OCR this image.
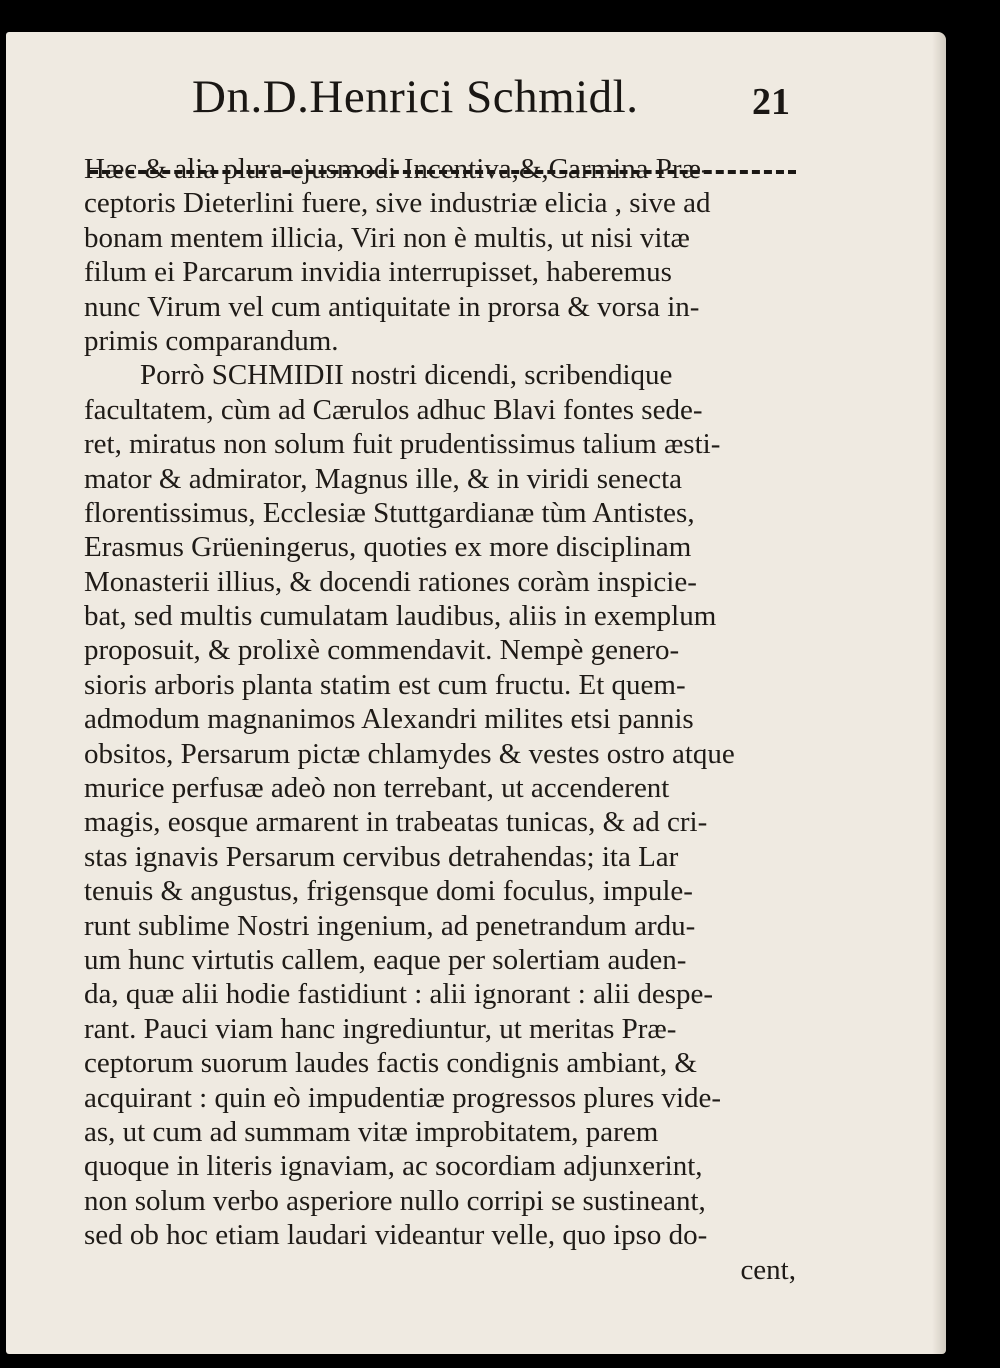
Dn.D.Henrici Schmidl.	21
Hæc & alia plura ejusmodi Incentiva,&,Carmina Præ-
ceptoris Dieterlini fuere, sive industriæ elicia , sive ad
bonam mentem illicia, Viri non è multis, ut nisi vitæ
filum ei Parcarum invidia interrupisset, haberemus
nunc Virum vel cum antiquitate in prorsa & vorsa in-
primis comparandum.
Porrò SCHMIDII nostri dicendi, scribendique
facultatem, cùm ad Cærulos adhuc Blavi fontes sede-
ret, miratus non solum fuit prudentissimus talium æsti-
mator & admirator, Magnus ille, & in viridi senecta
florentissimus, Ecclesiæ Stuttgardianæ tùm Antistes,
Erasmus Grüeningerus, quoties ex more disciplinam
Monasterii illius, & docendi rationes coràm inspicie-
bat, sed multis cumulatam laudibus, aliis in exemplum
proposuit, & prolixè commendavit. Nempè genero-
sioris arboris planta statim est cum fructu. Et quem-
admodum magnanimos Alexandri milites etsi pannis
obsitos, Persarum pictæ chlamydes & vestes ostro atque
murice perfusæ adeò non terrebant, ut accenderent
magis, eosque armarent in trabeatas tunicas, & ad cri-
stas ignavis Persarum cervibus detrahendas; ita Lar
tenuis & angustus, frigensque domi foculus, impule-
runt sublime Nostri ingenium, ad penetrandum ardu-
um hunc virtutis callem, eaque per solertiam auden-
da, quæ alii hodie fastidiunt : alii ignorant : alii despe-
rant. Pauci viam hanc ingrediuntur, ut meritas Præ-
ceptorum suorum laudes factis condignis ambiant, &
acquirant : quin eò impudentiæ progressos plures vide-
as, ut cum ad summam vitæ improbitatem, parem
quoque in literis ignaviam, ac socordiam adjunxerint,
non solum verbo asperiore nullo corripi se sustineant,
sed ob hoc etiam laudari videantur velle, quo ipso do-
cent,
